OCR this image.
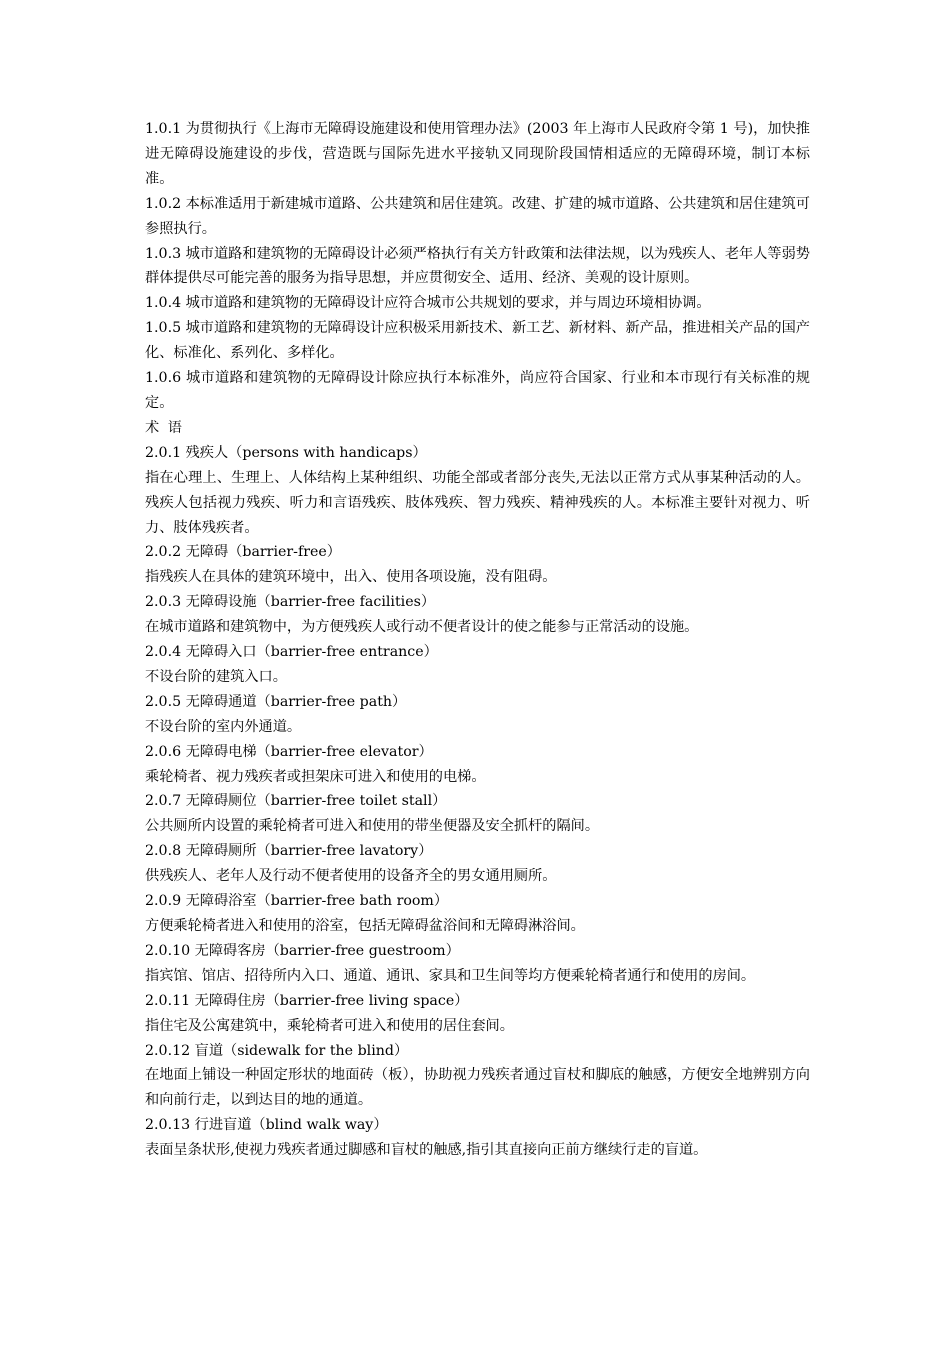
1.0.1 为贯彻执行《上海市无障碍设施建设和使用管理办法》(2003 年上海市人民政府令第 1 号)，加快推进无障碍设施建设的步伐，营造既与国际先进水平接轨又同现阶段国情相适应的无障碍环境，制订本标准。

1.0.2 本标准适用于新建城市道路、公共建筑和居住建筑。改建、扩建的城市道路、公共建筑和居住建筑可参照执行。

1.0.3 城市道路和建筑物的无障碍设计必须严格执行有关方针政策和法律法规，以为残疾人、老年人等弱势群体提供尽可能完善的服务为指导思想，并应贯彻安全、适用、经济、美观的设计原则。

1.0.4 城市道路和建筑物的无障碍设计应符合城市公共规划的要求，并与周边环境相协调。

1.0.5 城市道路和建筑物的无障碍设计应积极采用新技术、新工艺、新材料、新产品，推进相关产品的国产化、标准化、系列化、多样化。

1.0.6 城市道路和建筑物的无障碍设计除应执行本标准外，尚应符合国家、行业和本市现行有关标准的规定。

术 语

2.0.1 残疾人（persons with handicaps）

指在心理上、生理上、人体结构上某种组织、功能全部或者部分丧失,无法以正常方式从事某种活动的人。残疾人包括视力残疾、听力和言语残疾、肢体残疾、智力残疾、精神残疾的人。本标准主要针对视力、听力、肢体残疾者。

2.0.2 无障碍（barrier-free）

指残疾人在具体的建筑环境中，出入、使用各项设施，没有阻碍。

2.0.3 无障碍设施（barrier-free facilities）

在城市道路和建筑物中，为方便残疾人或行动不便者设计的使之能参与正常活动的设施。

2.0.4 无障碍入口（barrier-free entrance）

不设台阶的建筑入口。

2.0.5 无障碍通道（barrier-free path）

不设台阶的室内外通道。

2.0.6 无障碍电梯（barrier-free elevator）

乘轮椅者、视力残疾者或担架床可进入和使用的电梯。

2.0.7 无障碍厕位（barrier-free toilet stall）

公共厕所内设置的乘轮椅者可进入和使用的带坐便器及安全抓杆的隔间。

2.0.8 无障碍厕所（barrier-free lavatory）

供残疾人、老年人及行动不便者使用的设备齐全的男女通用厕所。

2.0.9 无障碍浴室（barrier-free bath room）

方便乘轮椅者进入和使用的浴室，包括无障碍盆浴间和无障碍淋浴间。

2.0.10 无障碍客房（barrier-free guestroom）

指宾馆、馆店、招待所内入口、通道、通讯、家具和卫生间等均方便乘轮椅者通行和使用的房间。

2.0.11 无障碍住房（barrier-free living space）

指住宅及公寓建筑中，乘轮椅者可进入和使用的居住套间。

2.0.12 盲道（sidewalk for the blind）

在地面上铺设一种固定形状的地面砖（板），协助视力残疾者通过盲杖和脚底的触感，方便安全地辨别方向和向前行走，以到达目的地的通道。

2.0.13 行进盲道（blind walk way）

表面呈条状形,使视力残疾者通过脚感和盲杖的触感,指引其直接向正前方继续行走的盲道。
